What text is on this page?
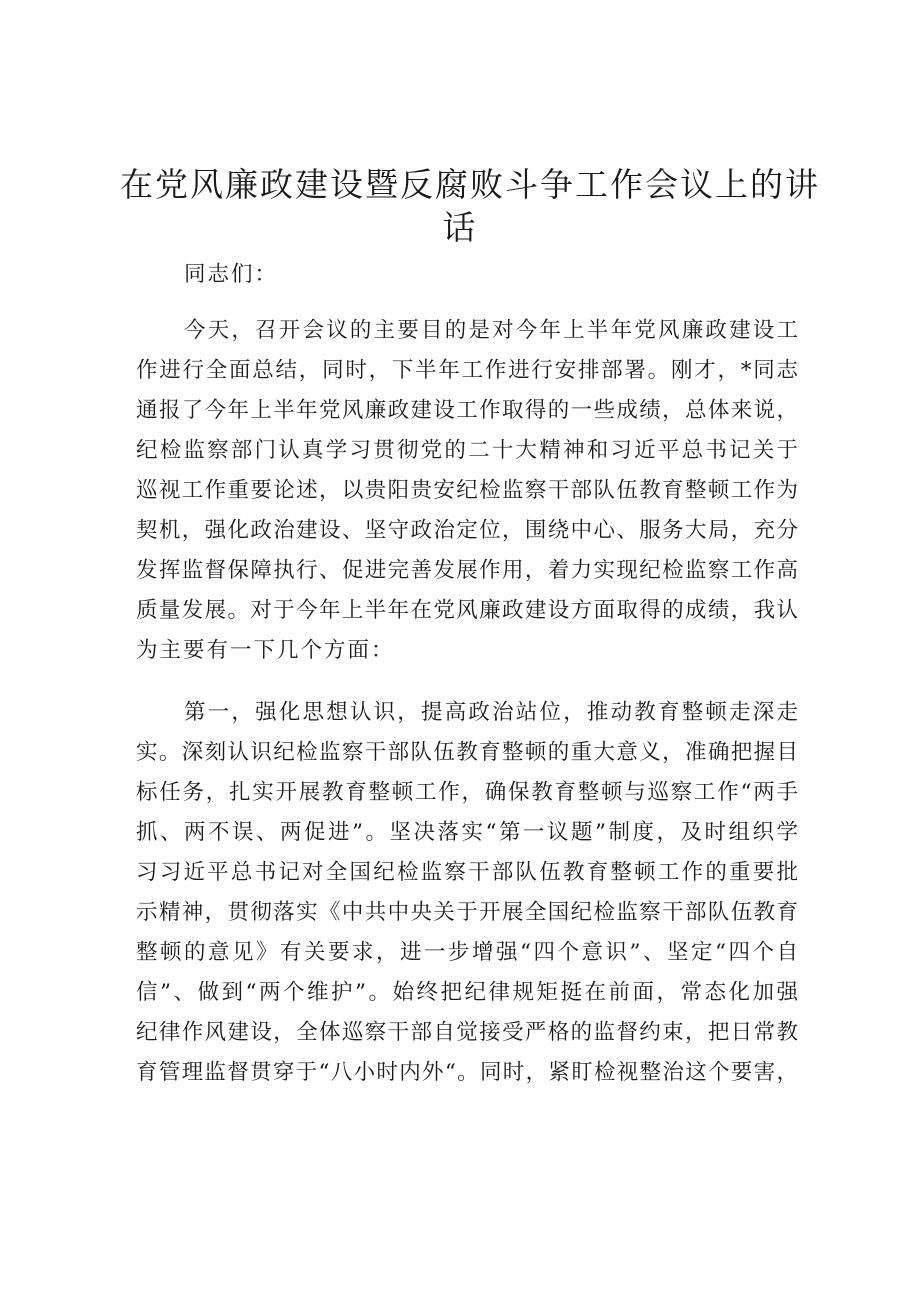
在党风廉政建设暨反腐败斗争工作会议上的讲
话

同志们：

今天，召开会议的主要目的是对今年上半年党风廉政建设工

作进行全面总结，同时，下半年工作进行安排部署。刚才，*同志

通报了今年上半年党风廉政建设工作取得的一些成绩，总体来说，

纪检监察部门认真学习贯彻党的二十大精神和习近平总书记关于

巡视工作重要论述，以贵阳贵安纪检监察干部队伍教育整顿工作为

契机，强化政治建设、坚守政治定位，围绕中心、服务大局，充分

发挥监督保障执行、促进完善发展作用，着力实现纪检监察工作高

质量发展。对于今年上半年在党风廉政建设方面取得的成绩，我认

为主要有一下几个方面：

第一，强化思想认识，提高政治站位，推动教育整顿走深走

实。深刻认识纪检监察干部队伍教育整顿的重大意义，准确把握目

标任务，扎实开展教育整顿工作，确保教育整顿与巡察工作“两手

抓、两不误、两促进”。坚决落实“第一议题”制度，及时组织学

习习近平总书记对全国纪检监察干部队伍教育整顿工作的重要批

示精神，贯彻落实《中共中央关于开展全国纪检监察干部队伍教育

整顿的意见》有关要求，进一步增强“四个意识”、坚定“四个自

信”、做到“两个维护”。始终把纪律规矩挺在前面，常态化加强

纪律作风建设，全体巡察干部自觉接受严格的监督约束，把日常教

育管理监督贯穿于“八小时内外“。同时，紧盯检视整治这个要害，
